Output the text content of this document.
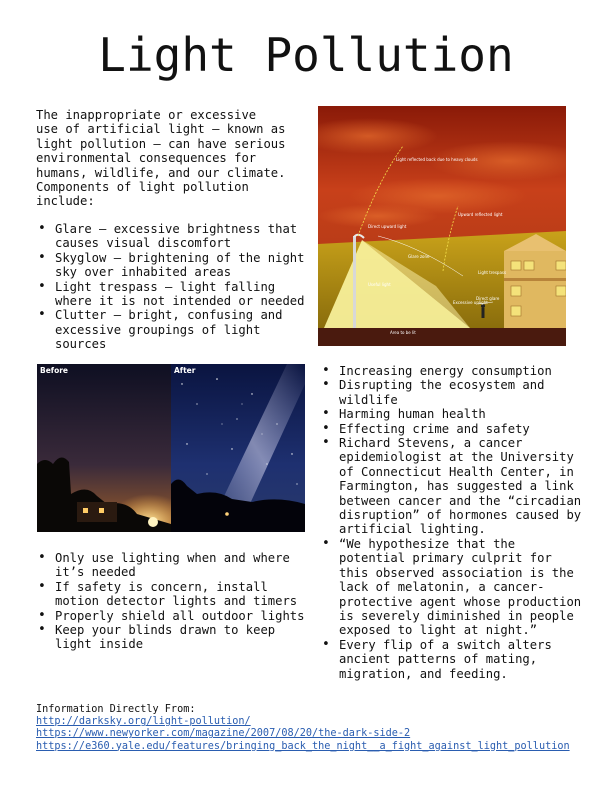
Light Pollution
The inappropriate or excessive
use of artificial light – known as
light pollution – can have serious
environmental consequences for
humans, wildlife, and our climate.
Components of light pollution
include:
• Glare – excessive brightness that causes visual discomfort
• Skyglow – brightening of the night sky over inhabited areas
• Light trespass – light falling where it is not intended or needed
• Clutter – bright, confusing and excessive groupings of light sources
Light reflected back due to heavy clouds
Direct upward light
Upward reflected light
Glare zone
Useful light
Light trespass
Excessive uplight
Direct glare
Area to be lit
Before	After
• Only use lighting when and where it’s needed
• If safety is concern, install motion detector lights and timers
• Properly shield all outdoor lights
• Keep your blinds drawn to keep light inside
• Increasing energy consumption
• Disrupting the ecosystem and wildlife
• Harming human health
• Effecting crime and safety
• Richard Stevens, a cancer epidemiologist at the University of Connecticut Health Center, in Farmington, has suggested a link between cancer and the “circadian disruption” of hormones caused by artificial lighting.
• “We hypothesize that the potential primary culprit for this observed association is the lack of melatonin, a cancer-protective agent whose production is severely diminished in people exposed to light at night.”
• Every flip of a switch alters ancient patterns of mating, migration, and feeding.
Information Directly From:
http://darksky.org/light-pollution/
https://www.newyorker.com/magazine/2007/08/20/the-dark-side-2
https://e360.yale.edu/features/bringing_back_the_night__a_fight_against_light_pollution
